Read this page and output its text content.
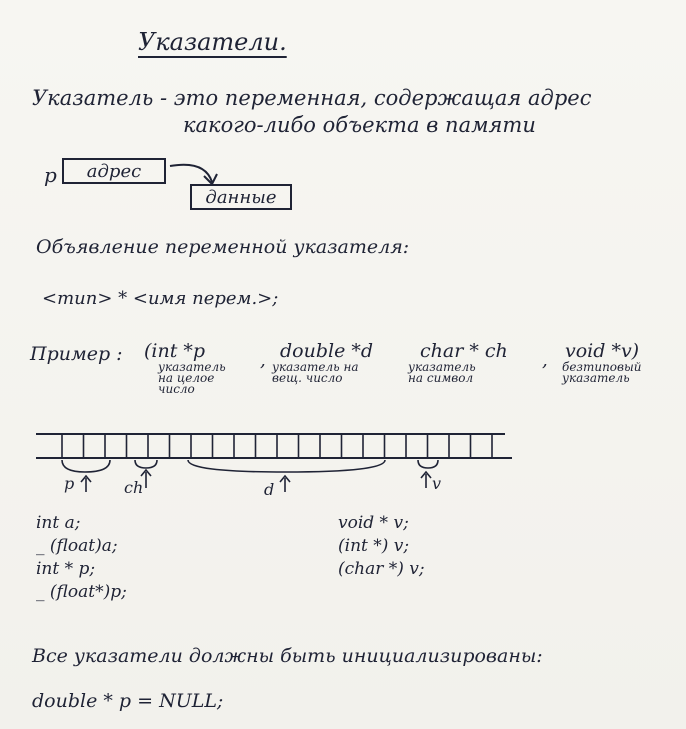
Указатели.
Указатель - это переменная, содержащая адрес
какого-либо объекта в памяти
p	адрес
данные
Объявление переменной указателя:
<тип> * <имя перем.>;
Пример : (int *p
указатель
на целое
число
, double *d
указатель на
вещ. число
char * ch
указатель
на символ
, void *v)
безтиповый
указатель
p	ch	d	v
int a;
_ (float)a;
int * p;
_ (float*)p;
void * v;
(int *) v;
(char *) v;
Все указатели должны быть инициализированы:
double * p = NULL;
